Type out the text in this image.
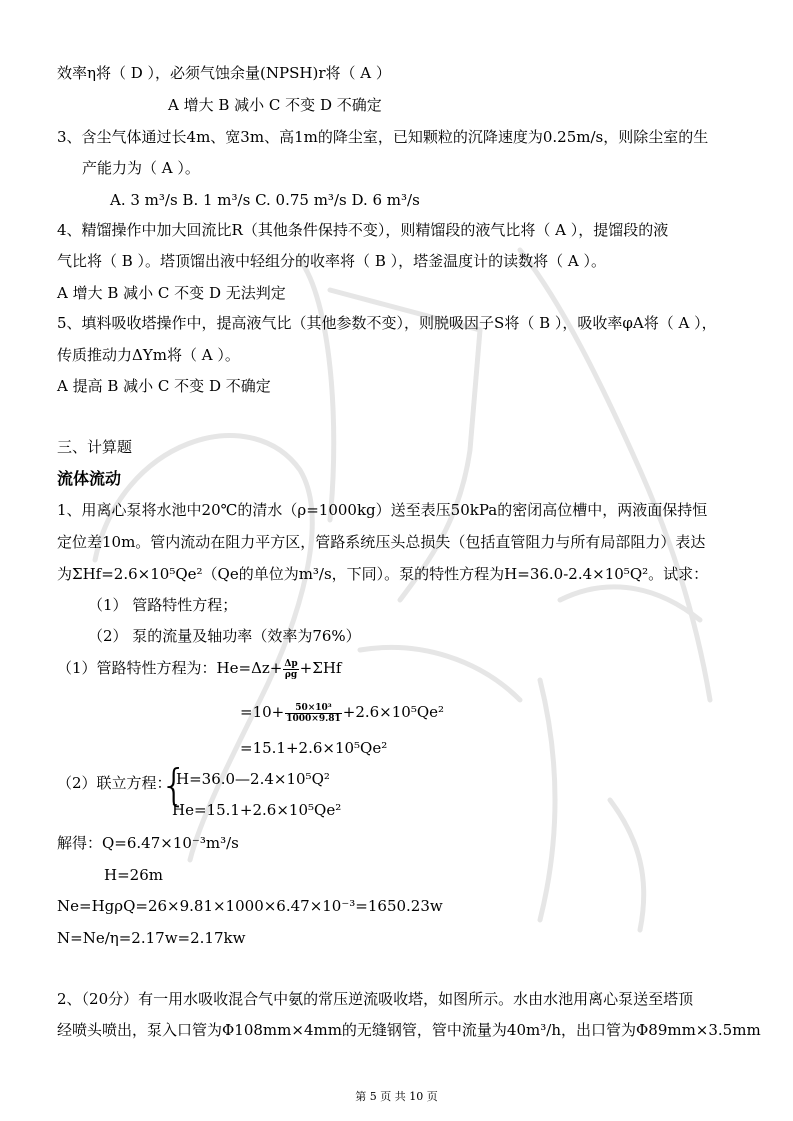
效率η将（ D ），必须气蚀余量(NPSH)r将（ A ）
A 增大 B 减小 C 不变 D 不确定
3、含尘气体通过长4m、宽3m、高1m的降尘室，已知颗粒的沉降速度为0.25m/s，则除尘室的生
产能力为（ A ）。
A. 3 m³/s B. 1 m³/s C. 0.75 m³/s D. 6 m³/s
4、精馏操作中加大回流比R（其他条件保持不变），则精馏段的液气比将（ A ），提馏段的液
气比将（ B ）。塔顶馏出液中轻组分的收率将（ B ），塔釜温度计的读数将（ A ）。
A 增大 B 减小 C 不变 D 无法判定
5、填料吸收塔操作中，提高液气比（其他参数不变），则脱吸因子S将（ B ），吸收率φA将（ A ），
传质推动力ΔYm将（ A ）。
A 提高 B 减小 C 不变 D 不确定
三、计算题
流体流动
1、用离心泵将水池中20℃的清水（ρ=1000kg）送至表压50kPa的密闭高位槽中，两液面保持恒
定位差10m。管内流动在阻力平方区，管路系统压头总损失（包括直管阻力与所有局部阻力）表达
为ΣHf=2.6×10⁵Qe²（Qe的单位为m³/s，下同）。泵的特性方程为H=36.0-2.4×10⁵Q²。试求：
（1） 管路特性方程；
（2） 泵的流量及轴功率（效率为76%）
（1）管路特性方程为：$He=\Delta z+ \frac{\Delta p}{\rho g} +\Sigma Hf$
$=10+ \frac{\text{50×10³}}{1000\times 9.81} +2.6\times 10^5Qe^2$
=15.1+2.6×10⁵Qe²
（2）联立方程：
{
H=36.0—2.4×10⁵Q²
He=15.1+2.6×10⁵Qe²
解得：Q=6.47×10⁻³m³/s
H=26m
Ne=HgρQ=26×9.81×1000×6.47×10⁻³=1650.23w
N=Ne/η=2.17w=2.17kw
2、（20分）有一用水吸收混合气中氨的常压逆流吸收塔，如图所示。水由水池用离心泵送至塔顶
经喷头喷出，泵入口管为Φ108mm×4mm的无缝钢管，管中流量为40m³/h，出口管为Φ89mm×3.5mm
第 5 页 共 10 页
